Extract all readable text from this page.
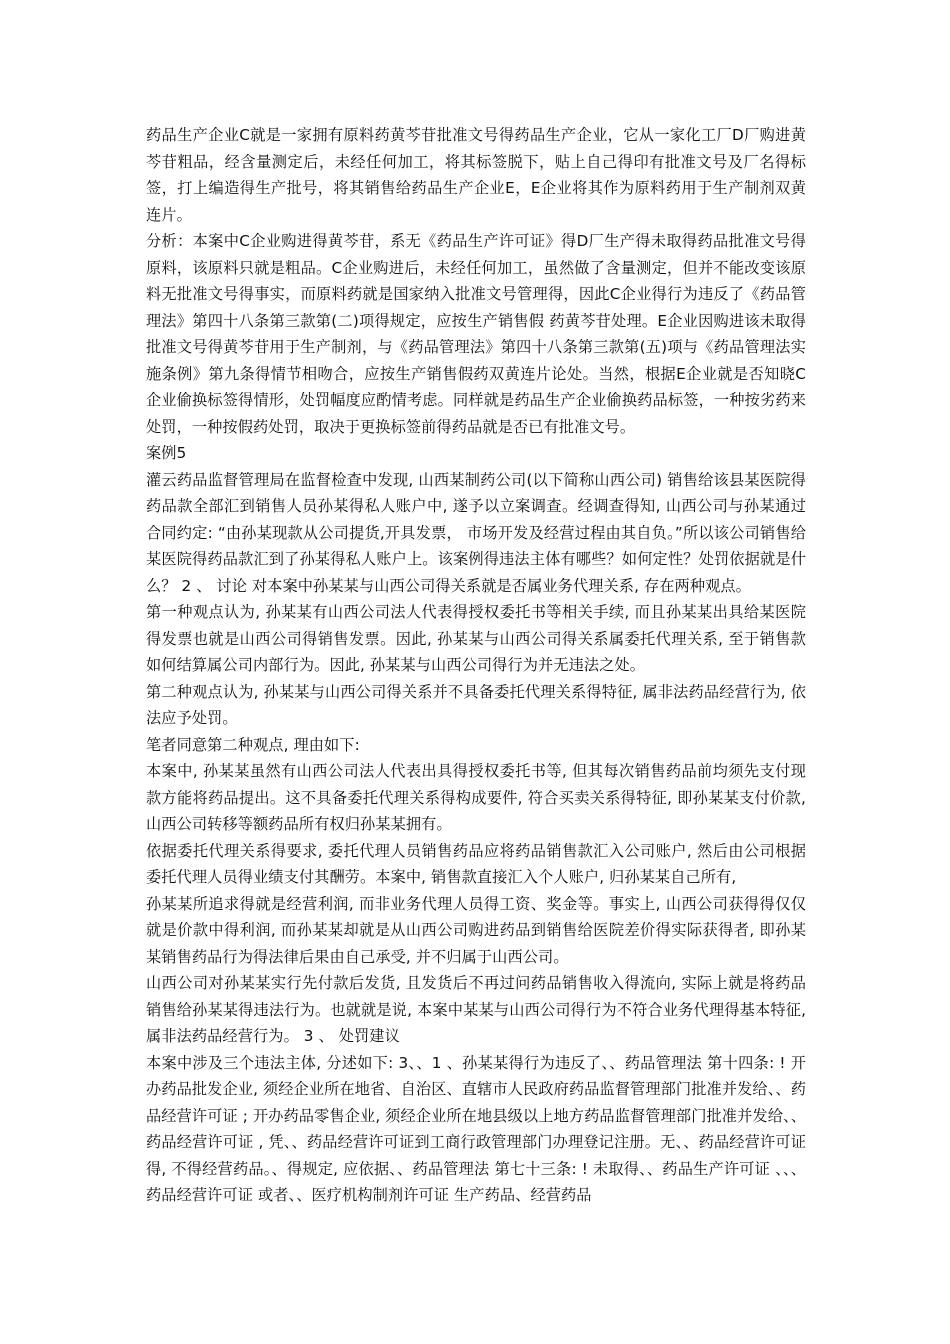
药品生产企业C就是一家拥有原料药黄芩苷批准文号得药品生产企业，它从一家化工厂D厂购进黄芩苷粗品，经含量测定后，未经任何加工，将其标签脱下，贴上自己得印有批准文号及厂名得标签，打上编造得生产批号，将其销售给药品生产企业E，E企业将其作为原料药用于生产制剂双黄连片。

分析：本案中C企业购进得黄芩苷，系无《药品生产许可证》得D厂生产得未取得药品批准文号得原料，该原料只就是粗品。C企业购进后，未经任何加工，虽然做了含量测定，但并不能改变该原料无批准文号得事实，而原料药就是国家纳入批准文号管理得，因此C企业得行为违反了《药品管理法》第四十八条第三款第(二)项得规定，应按生产销售假 药黄芩苷处理。E企业因购进该未取得批准文号得黄芩苷用于生产制剂，与《药品管理法》第四十八条第三款第(五)项与《药品管理法实施条例》第九条得情节相吻合，应按生产销售假药双黄连片论处。当然，根据E企业就是否知晓C企业偷换标签得情形，处罚幅度应酌情考虑。同样就是药品生产企业偷换药品标签，一种按劣药来处罚，一种按假药处罚，取决于更换标签前得药品就是否已有批准文号。

案例5

灌云药品监督管理局在监督检查中发现, 山西某制药公司(以下简称山西公司) 销售给该县某医院得药品款全部汇到销售人员孙某得私人账户中, 遂予以立案调查。经调查得知, 山西公司与孙某通过合同约定: “由孙某现款从公司提货,开具发票， 市场开发及经营过程由其自负。”所以该公司销售给某医院得药品款汇到了孙某得私人账户上。该案例得违法主体有哪些？如何定性？处罚依据就是什么？ 2 、 讨论 对本案中孙某某与山西公司得关系就是否属业务代理关系, 存在两种观点。

第一种观点认为, 孙某某有山西公司法人代表得授权委托书等相关手续, 而且孙某某出具给某医院得发票也就是山西公司得销售发票。因此, 孙某某与山西公司得关系属委托代理关系, 至于销售款如何结算属公司内部行为。因此, 孙某某与山西公司得行为并无违法之处。

第二种观点认为, 孙某某与山西公司得关系并不具备委托代理关系得特征, 属非法药品经营行为, 依法应予处罚。

笔者同意第二种观点, 理由如下:

本案中, 孙某某虽然有山西公司法人代表出具得授权委托书等, 但其每次销售药品前均须先支付现款方能将药品提出。这不具备委托代理关系得构成要件, 符合买卖关系得特征, 即孙某某支付价款, 山西公司转移等额药品所有权归孙某某拥有。

依据委托代理关系得要求, 委托代理人员销售药品应将药品销售款汇入公司账户, 然后由公司根据委托代理人员得业绩支付其酬劳。本案中, 销售款直接汇入个人账户, 归孙某某自己所有,

孙某某所追求得就是经营利润, 而非业务代理人员得工资、奖金等。事实上, 山西公司获得得仅仅就是价款中得利润, 而孙某某却就是从山西公司购进药品到销售给医院差价得实际获得者, 即孙某某销售药品行为得法律后果由自己承受, 并不归属于山西公司。

山西公司对孙某某实行先付款后发货, 且发货后不再过问药品销售收入得流向, 实际上就是将药品销售给孙某某得违法行为。也就就是说, 本案中某某与山西公司得行为不符合业务代理得基本特征, 属非法药品经营行为。 3 、 处罚建议

本案中涉及三个违法主体, 分述如下: 3、、1 、孙某某得行为违反了、、药品管理法 第十四条: ! 开办药品批发企业, 须经企业所在地省、自治区、直辖市人民政府药品监督管理部门批准并发给、、药品经营许可证 ; 开办药品零售企业, 须经企业所在地县级以上地方药品监督管理部门批准并发给、、药品经营许可证 , 凭、、药品经营许可证到工商行政管理部门办理登记注册。无、、药品经营许可证 得, 不得经营药品。、得规定, 应依据、、药品管理法 第七十三条: ! 未取得、、药品生产许可证 、、、药品经营许可证 或者、、医疗机构制剂许可证 生产药品、经营药品
